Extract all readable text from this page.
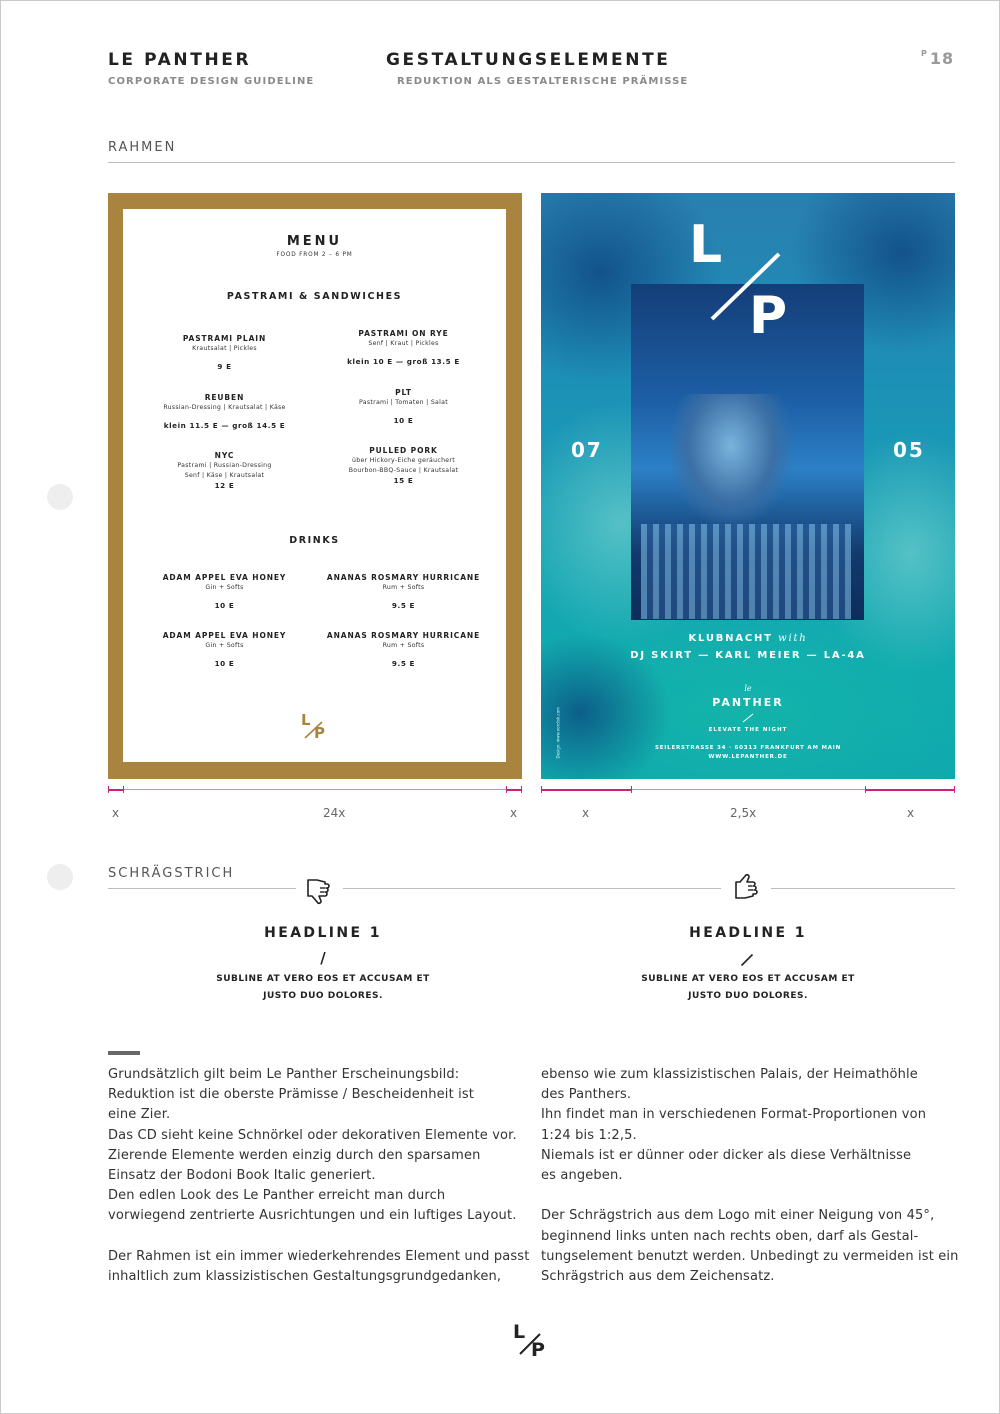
LE PANTHER
CORPORATE DESIGN GUIDELINE
GESTALTUNGSELEMENTE
REDUKTION ALS GESTALTERISCHE PRÄMISSE
$^P$ 18
RAHMEN
MENU
FOOD FROM 2 – 6 PM
PASTRAMI & SANDWICHES
PASTRAMI PLAIN
Krautsalat | Pickles
9 E
PASTRAMI ON RYE
Senf | Kraut | Pickles
klein 10 E — groß 13.5 E
REUBEN
Russian-Dressing | Krautsalat | Käse
klein 11.5 E — groß 14.5 E
PLT
Pastrami | Tomaten | Salat
10 E
NYC
Pastrami | Russian-Dressing
Senf | Käse | Krautsalat
12 E
PULLED PORK
über Hickory-Eiche geräuchert
Bourbon-BBQ-Sauce | Krautsalat
15 E
DRINKS
ADAM APPEL EVA HONEY
Gin + Softs
10 E
ANANAS ROSMARY HURRICANE
Rum + Softs
9.5 E
ADAM APPEL EVA HONEY
Gin + Softs
10 E
ANANAS ROSMARY HURRICANE
Rum + Softs
9.5 E
L
P
L
P
07	05
KLUBNACHT with
DJ SKIRT — KARL MEIER — LA-4A
le
PANTHER
ELEVATE THE NIGHT
SEILERSTRASSE 34 · 60313 FRANKFURT AM MAIN
WWW.LEPANTHER.DE
Design: www.nordisk.com
x	24x	x	x	2,5x	x
SCHRÄGSTRICH
HEADLINE 1
/
SUBLINE AT VERO EOS ET ACCUSAM ET
JUSTO DUO DOLORES.
HEADLINE 1
SUBLINE AT VERO EOS ET ACCUSAM ET
JUSTO DUO DOLORES.
Grundsätzlich gilt beim Le Panther Erscheinungsbild:
Reduktion ist die oberste Prämisse / Bescheidenheit ist
eine Zier.
Das CD sieht keine Schnörkel oder dekorativen Elemente vor.
Zierende Elemente werden einzig durch den sparsamen
Einsatz der Bodoni Book Italic generiert.
Den edlen Look des Le Panther erreicht man durch
vorwiegend zentrierte Ausrichtungen und ein luftiges Layout.
Der Rahmen ist ein immer wiederkehrendes Element und passt
inhaltlich zum klassizistischen Gestaltungsgrundgedanken,
ebenso wie zum klassizistischen Palais, der Heimathöhle
des Panthers.
Ihn findet man in verschiedenen Format-Proportionen von
1:24 bis 1:2,5.
Niemals ist er dünner oder dicker als diese Verhältnisse
es angeben.
Der Schrägstrich aus dem Logo mit einer Neigung von 45°,
beginnend links unten nach rechts oben, darf als Gestal-
tungselement benutzt werden. Unbedingt zu vermeiden ist ein
Schrägstrich aus dem Zeichensatz.
L
P
